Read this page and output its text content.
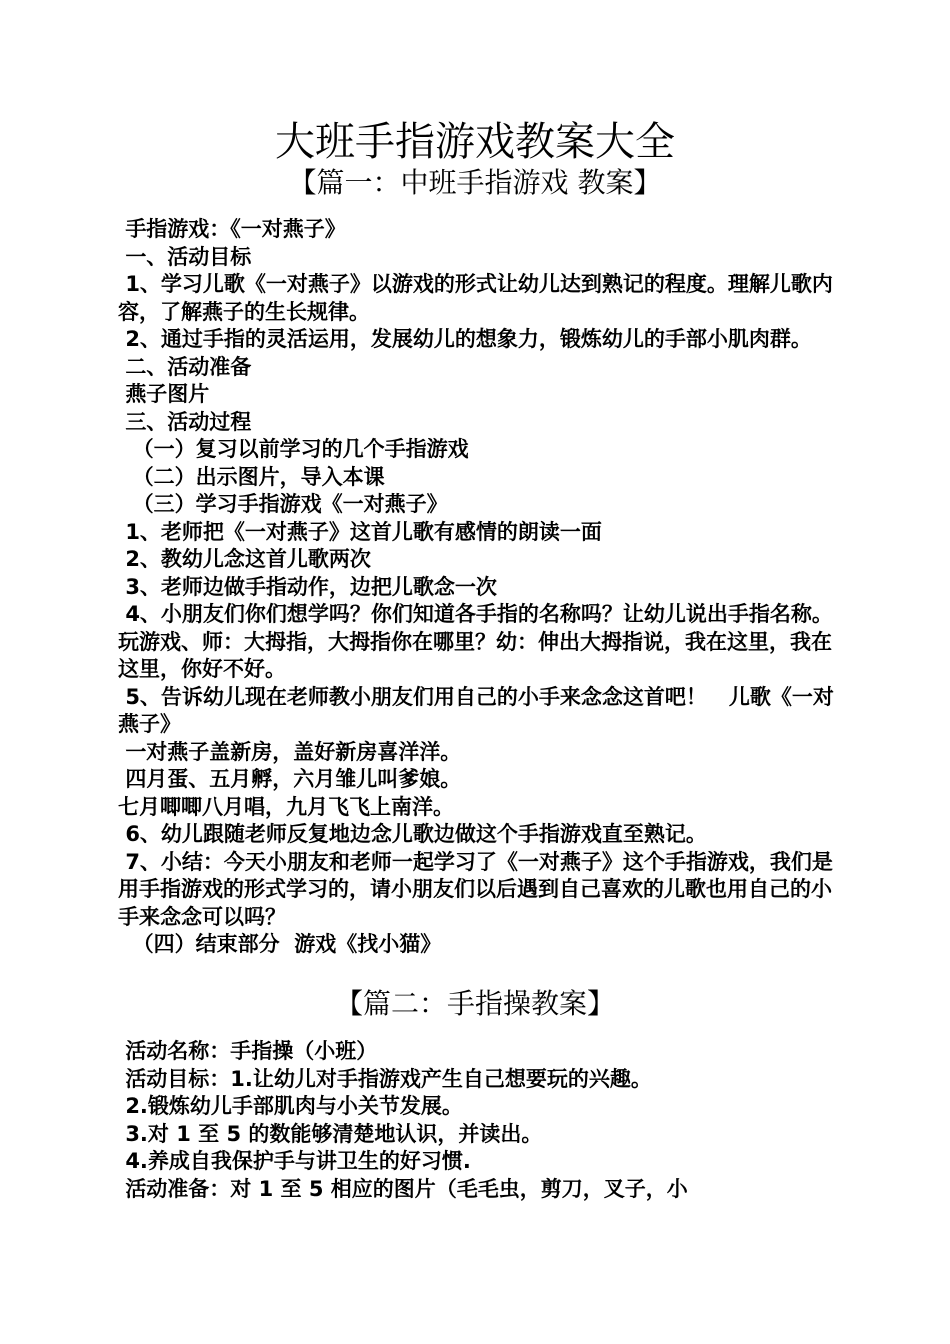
大班手指游戏教案大全
【篇一：中班手指游戏 教案】

手指游戏：《一对燕子》

一、活动目标

1、学习儿歌《一对燕子》以游戏的形式让幼儿达到熟记的程度。理解儿歌内容，了解燕子的生长规律。

2、通过手指的灵活运用，发展幼儿的想象力，锻炼幼儿的手部小肌肉群。

二、活动准备

燕子图片

三、活动过程

（一）复习以前学习的几个手指游戏

（二）出示图片，导入本课

（三）学习手指游戏《一对燕子》

1、老师把《一对燕子》这首儿歌有感情的朗读一面

2、教幼儿念这首儿歌两次

3、老师边做手指动作，边把儿歌念一次

4、小朋友们你们想学吗？你们知道各手指的名称吗？让幼儿说出手指名称。玩游戏、师：大拇指，大拇指你在哪里？幼：伸出大拇指说，我在这里，我在这里，你好不好。

5、告诉幼儿现在老师教小朋友们用自己的小手来念念这首吧！   儿歌《一对燕子》

一对燕子盖新房，盖好新房喜洋洋。

四月蛋、五月孵，六月雏儿叫爹娘。

七月唧唧八月唱，九月飞飞上南洋。

6、幼儿跟随老师反复地边念儿歌边做这个手指游戏直至熟记。

7、小结：今天小朋友和老师一起学习了《一对燕子》这个手指游戏，我们是用手指游戏的形式学习的，请小朋友们以后遇到自己喜欢的儿歌也用自己的小手来念念可以吗？

（四）结束部分  游戏《找小猫》

【篇二：手指操教案】

活动名称：手指操（小班）

活动目标：1.让幼儿对手指游戏产生自己想要玩的兴趣。

2.锻炼幼儿手部肌肉与小关节发展。

3.对 1 至 5 的数能够清楚地认识，并读出。

4.养成自我保护手与讲卫生的好习惯.

活动准备：对 1 至 5 相应的图片（毛毛虫，剪刀，叉子，小
